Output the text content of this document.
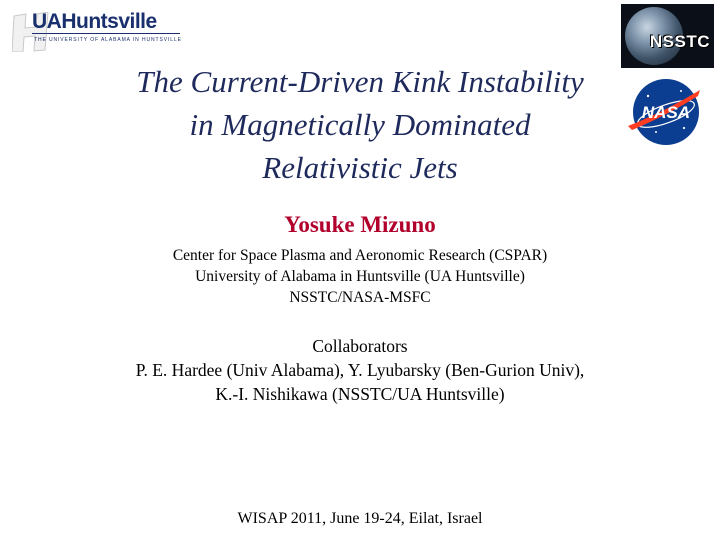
UAHuntsville
THE UNIVERSITY OF ALABAMA IN HUNTSVILLE	NSSTC
NASA
The Current-Driven Kink Instability
in Magnetically Dominated
Relativistic Jets
Yosuke Mizuno
Center for Space Plasma and Aeronomic Research (CSPAR)
University of Alabama in Huntsville (UA Huntsville)
NSSTC/NASA-MSFC
Collaborators
P. E. Hardee (Univ Alabama), Y. Lyubarsky (Ben-Gurion Univ),
K.-I. Nishikawa (NSSTC/UA Huntsville)
WISAP 2011, June 19-24, Eilat, Israel
